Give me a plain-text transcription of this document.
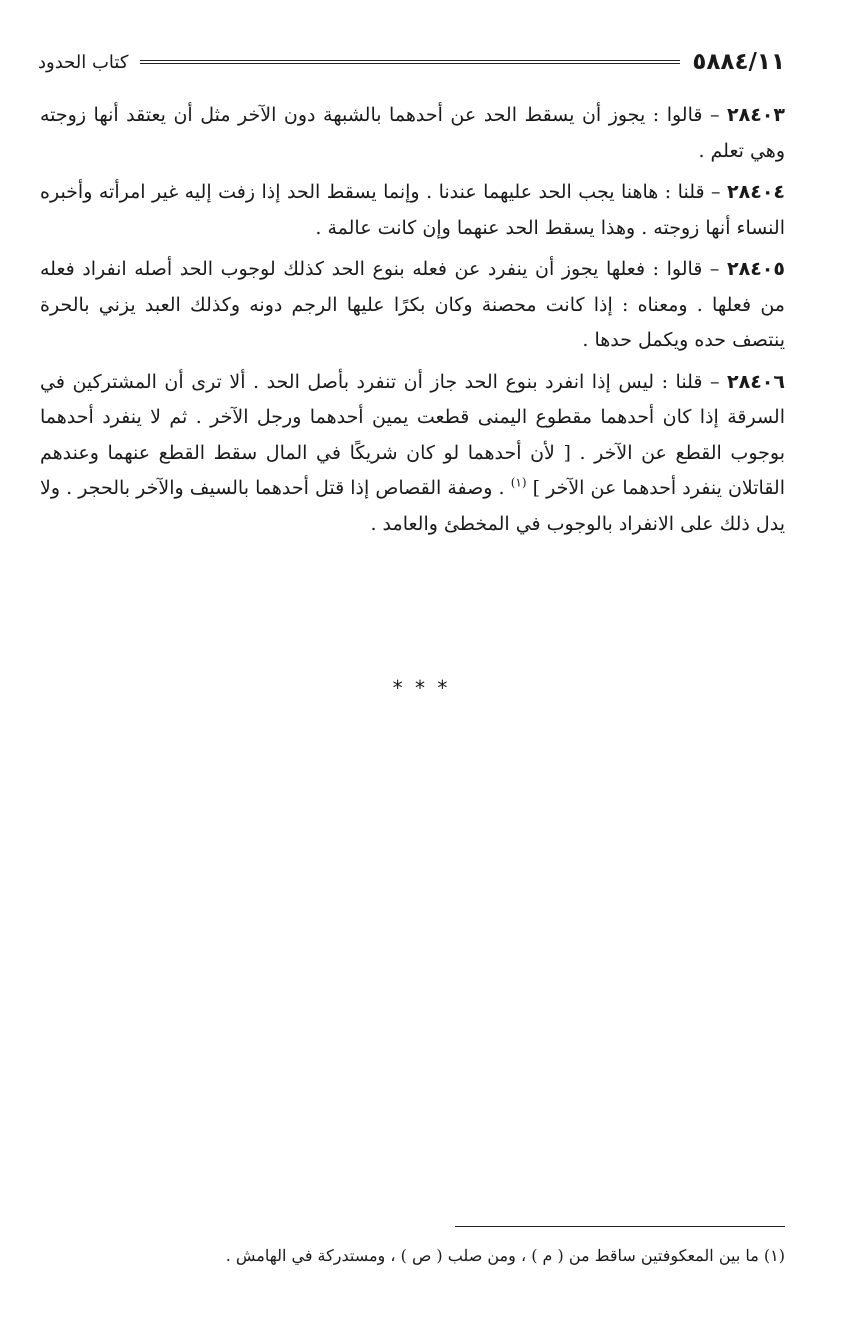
٥٨٨٤/١١
كتاب الحدود

٢٨٤٠٣ – قالوا : يجوز أن يسقط الحد عن أحدهما بالشبهة دون الآخر مثل أن يعتقد أنها زوجته وهي تعلم .

٢٨٤٠٤ – قلنا : هاهنا يجب الحد عليهما عندنا . وإنما يسقط الحد إذا زفت إليه غير امرأته وأخبره النساء أنها زوجته . وهذا يسقط الحد عنهما وإن كانت عالمة .

٢٨٤٠٥ – قالوا : فعلها يجوز أن ينفرد عن فعله بنوع الحد كذلك لوجوب الحد أصله انفراد فعله من فعلها . ومعناه : إذا كانت محصنة وكان بكرًا عليها الرجم دونه وكذلك العبد يزني بالحرة ينتصف حده ويكمل حدها .

٢٨٤٠٦ – قلنا : ليس إذا انفرد بنوع الحد جاز أن تنفرد بأصل الحد . ألا ترى أن المشتركين في السرقة إذا كان أحدهما مقطوع اليمنى قطعت يمين أحدهما ورجل الآخر . ثم لا ينفرد أحدهما بوجوب القطع عن الآخر . [ لأن أحدهما لو كان شريكًا في المال سقط القطع عنهما وعندهم القاتلان ينفرد أحدهما عن الآخر ] $^{(١)}$ . وصفة القصاص إذا قتل أحدهما بالسيف والآخر بالحجر . ولا يدل ذلك على الانفراد بالوجوب في المخطئ والعامد .

* * *
(١) ما بين المعكوفتين ساقط من ( م ) ، ومن صلب ( ص ) ، ومستدركة في الهامش .
